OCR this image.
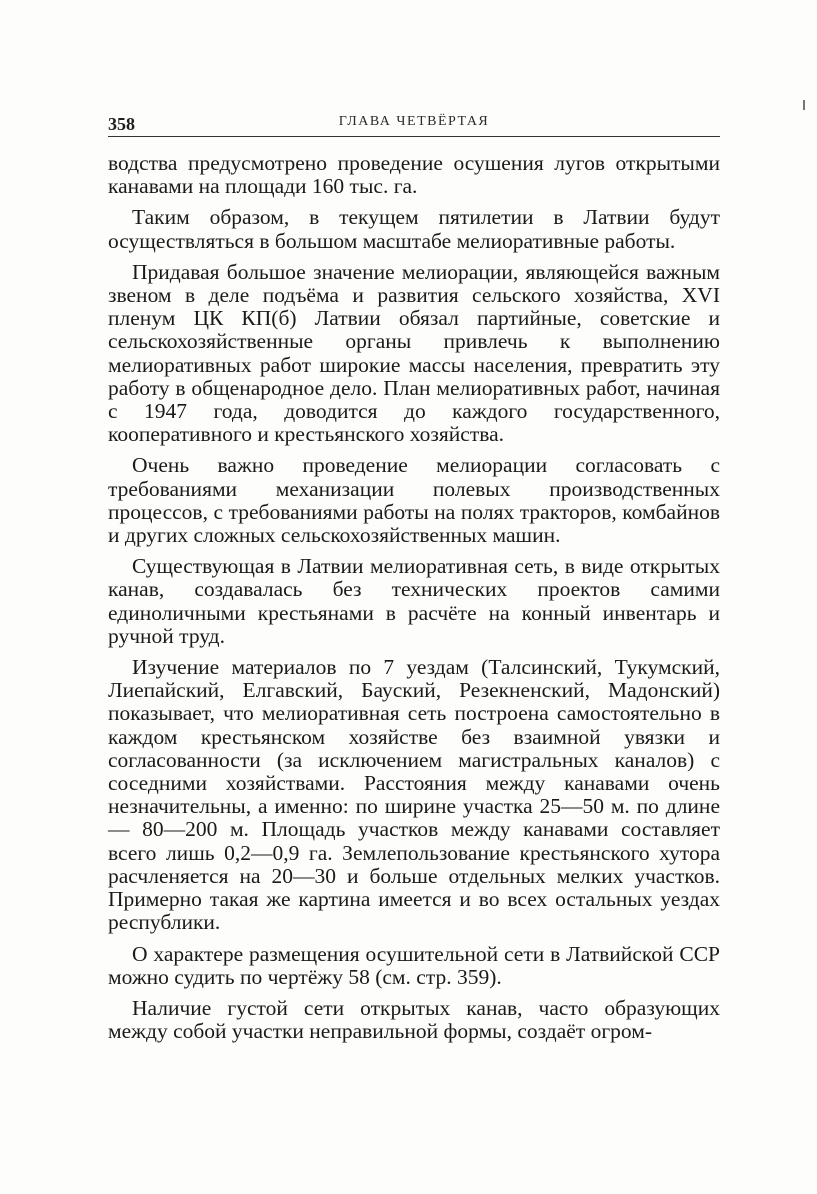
358	ГЛАВА ЧЕТВЁРТАЯ

водства предусмотрено проведение осушения лугов открытыми канавами на площади 160 тыс. га.

Таким образом, в текущем пятилетии в Латвии будут осуществляться в большом масштабе мелиоративные работы.

Придавая большое значение мелиорации, являющейся важным звеном в деле подъёма и развития сельского хозяйства, XVI пленум ЦК КП(б) Латвии обязал партийные, советские и сельскохозяйственные органы привлечь к выполнению мелиоративных работ широкие массы населения, превратить эту работу в общенародное дело. План мелиоративных работ, начиная с 1947 года, доводится до каждого государственного, кооперативного и крестьянского хозяйства.

Очень важно проведение мелиорации согласовать с требованиями механизации полевых производственных процессов, с требованиями работы на полях тракторов, комбайнов и других сложных сельскохозяйственных машин.

Существующая в Латвии мелиоративная сеть, в виде открытых канав, создавалась без технических проектов самими единоличными крестьянами в расчёте на конный инвентарь и ручной труд.

Изучение материалов по 7 уездам (Талсинский, Тукумский, Лиепайский, Елгавский, Бауский, Резекненский, Мадонский) показывает, что мелиоративная сеть построена самостоятельно в каждом крестьянском хозяйстве без взаимной увязки и согласованности (за исключением магистральных каналов) с соседними хозяйствами. Расстояния между канавами очень незначительны, а именно: по ширине участка 25—50 м. по длине — 80—200 м. Площадь участков между канавами составляет всего лишь 0,2—0,9 га. Землепользование крестьянского хутора расчленяется на 20—30 и больше отдельных мелких участков. Примерно такая же картина имеется и во всех остальных уездах республики.

О характере размещения осушительной сети в Латвийской ССР можно судить по чертёжу 58 (см. стр. 359).

Наличие густой сети открытых канав, часто образующих между собой участки неправильной формы, создаёт огром-
